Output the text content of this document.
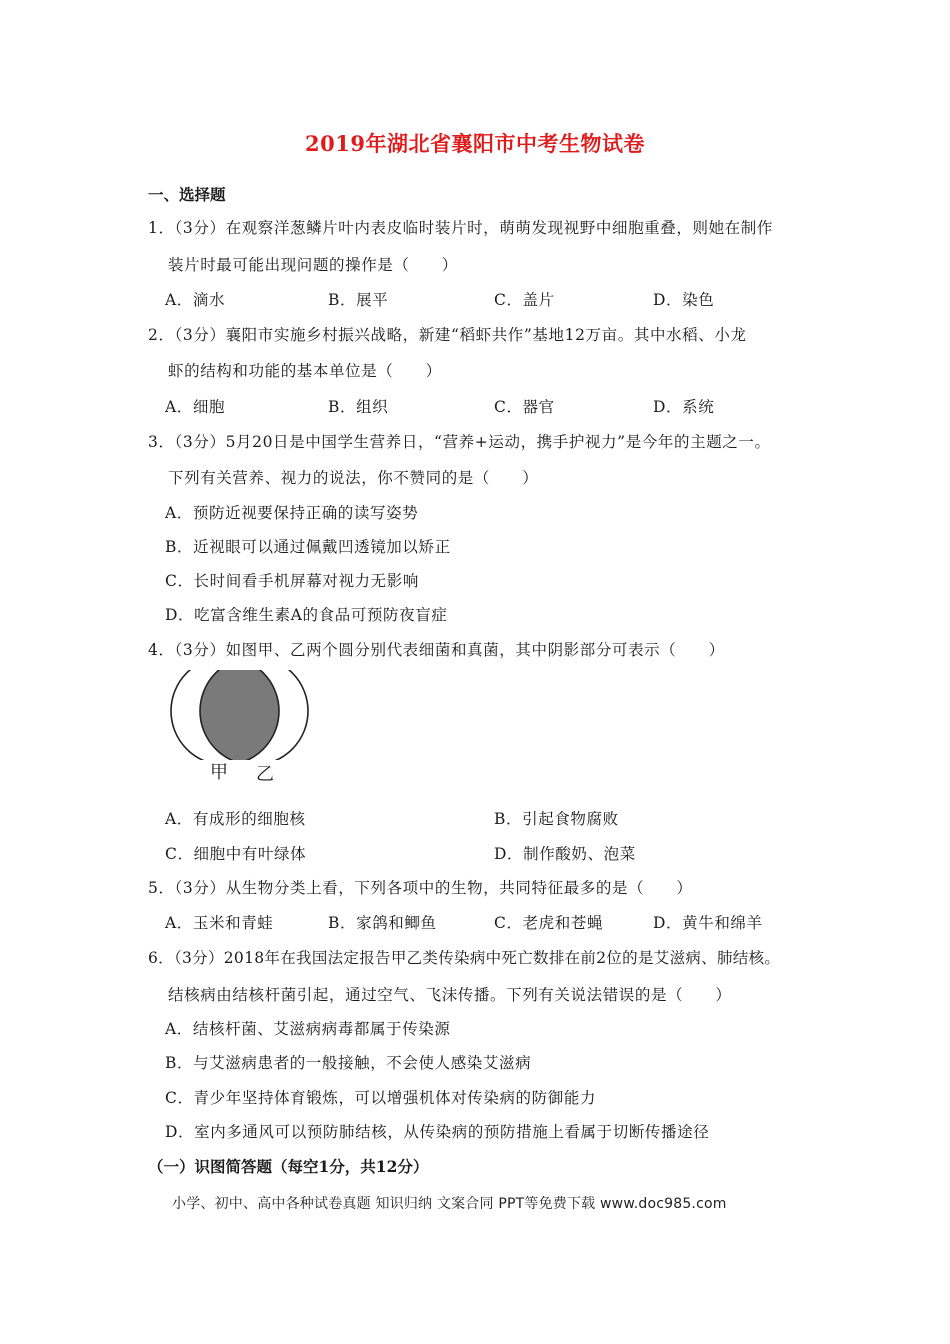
2019年湖北省襄阳市中考生物试卷
一、选择题
1．（3分）在观察洋葱鳞片叶内表皮临时装片时，萌萌发现视野中细胞重叠，则她在制作
装片时最可能出现问题的操作是（　　）
A．滴水	B．展平	C．盖片	D．染色
2．（3分）襄阳市实施乡村振兴战略，新建“稻虾共作”基地12万亩。其中水稻、小龙
虾的结构和功能的基本单位是（　　）
A．细胞	B．组织	C．器官	D．系统
3．（3分）5月20日是中国学生营养日，“营养+运动，携手护视力”是今年的主题之一。
下列有关营养、视力的说法，你不赞同的是（　　）
A．预防近视要保持正确的读写姿势
B．近视眼可以通过佩戴凹透镜加以矫正
C．长时间看手机屏幕对视力无影响
D．吃富含维生素A的食品可预防夜盲症
4．（3分）如图甲、乙两个圆分别代表细菌和真菌，其中阴影部分可表示（　　）
甲 乙
A．有成形的细胞核	B．引起食物腐败
C．细胞中有叶绿体	D．制作酸奶、泡菜
5．（3分）从生物分类上看，下列各项中的生物，共同特征最多的是（　　）
A．玉米和青蛙	B．家鸽和鲫鱼	C．老虎和苍蝇	D．黄牛和绵羊
6．（3分）2018年在我国法定报告甲乙类传染病中死亡数排在前2位的是艾滋病、肺结核。
结核病由结核杆菌引起，通过空气、飞沫传播。下列有关说法错误的是（　　）
A．结核杆菌、艾滋病病毒都属于传染源
B．与艾滋病患者的一般接触，不会使人感染艾滋病
C．青少年坚持体育锻炼，可以增强机体对传染病的防御能力
D．室内多通风可以预防肺结核，从传染病的预防措施上看属于切断传播途径
（一）识图简答题（每空1分，共12分）
小学、初中、高中各种试卷真题 知识归纳 文案合同 PPT等免费下载 www.doc985.com
